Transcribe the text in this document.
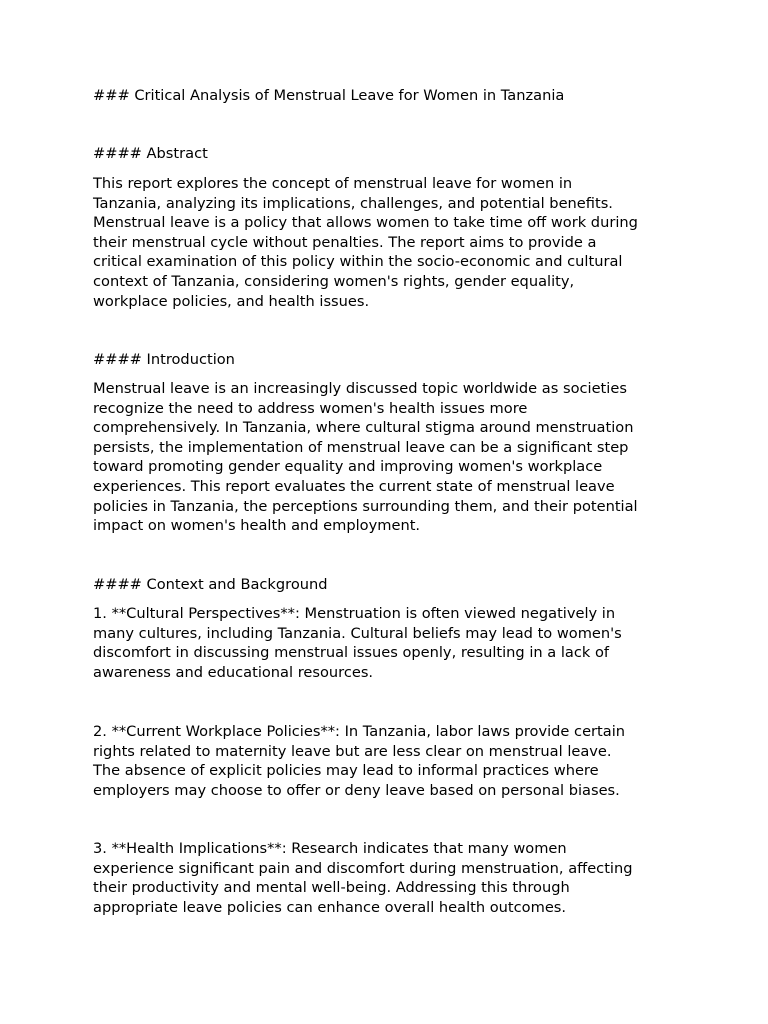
### Critical Analysis of Menstrual Leave for Women in Tanzania
#### Abstract
This report explores the concept of menstrual leave for women in
Tanzania, analyzing its implications, challenges, and potential benefits.
Menstrual leave is a policy that allows women to take time off work during
their menstrual cycle without penalties. The report aims to provide a
critical examination of this policy within the socio-economic and cultural
context of Tanzania, considering women's rights, gender equality,
workplace policies, and health issues.
#### Introduction
Menstrual leave is an increasingly discussed topic worldwide as societies
recognize the need to address women's health issues more
comprehensively. In Tanzania, where cultural stigma around menstruation
persists, the implementation of menstrual leave can be a significant step
toward promoting gender equality and improving women's workplace
experiences. This report evaluates the current state of menstrual leave
policies in Tanzania, the perceptions surrounding them, and their potential
impact on women's health and employment.
#### Context and Background
1. **Cultural Perspectives**: Menstruation is often viewed negatively in
many cultures, including Tanzania. Cultural beliefs may lead to women's
discomfort in discussing menstrual issues openly, resulting in a lack of
awareness and educational resources.
2. **Current Workplace Policies**: In Tanzania, labor laws provide certain
rights related to maternity leave but are less clear on menstrual leave.
The absence of explicit policies may lead to informal practices where
employers may choose to offer or deny leave based on personal biases.
3. **Health Implications**: Research indicates that many women
experience significant pain and discomfort during menstruation, affecting
their productivity and mental well-being. Addressing this through
appropriate leave policies can enhance overall health outcomes.
